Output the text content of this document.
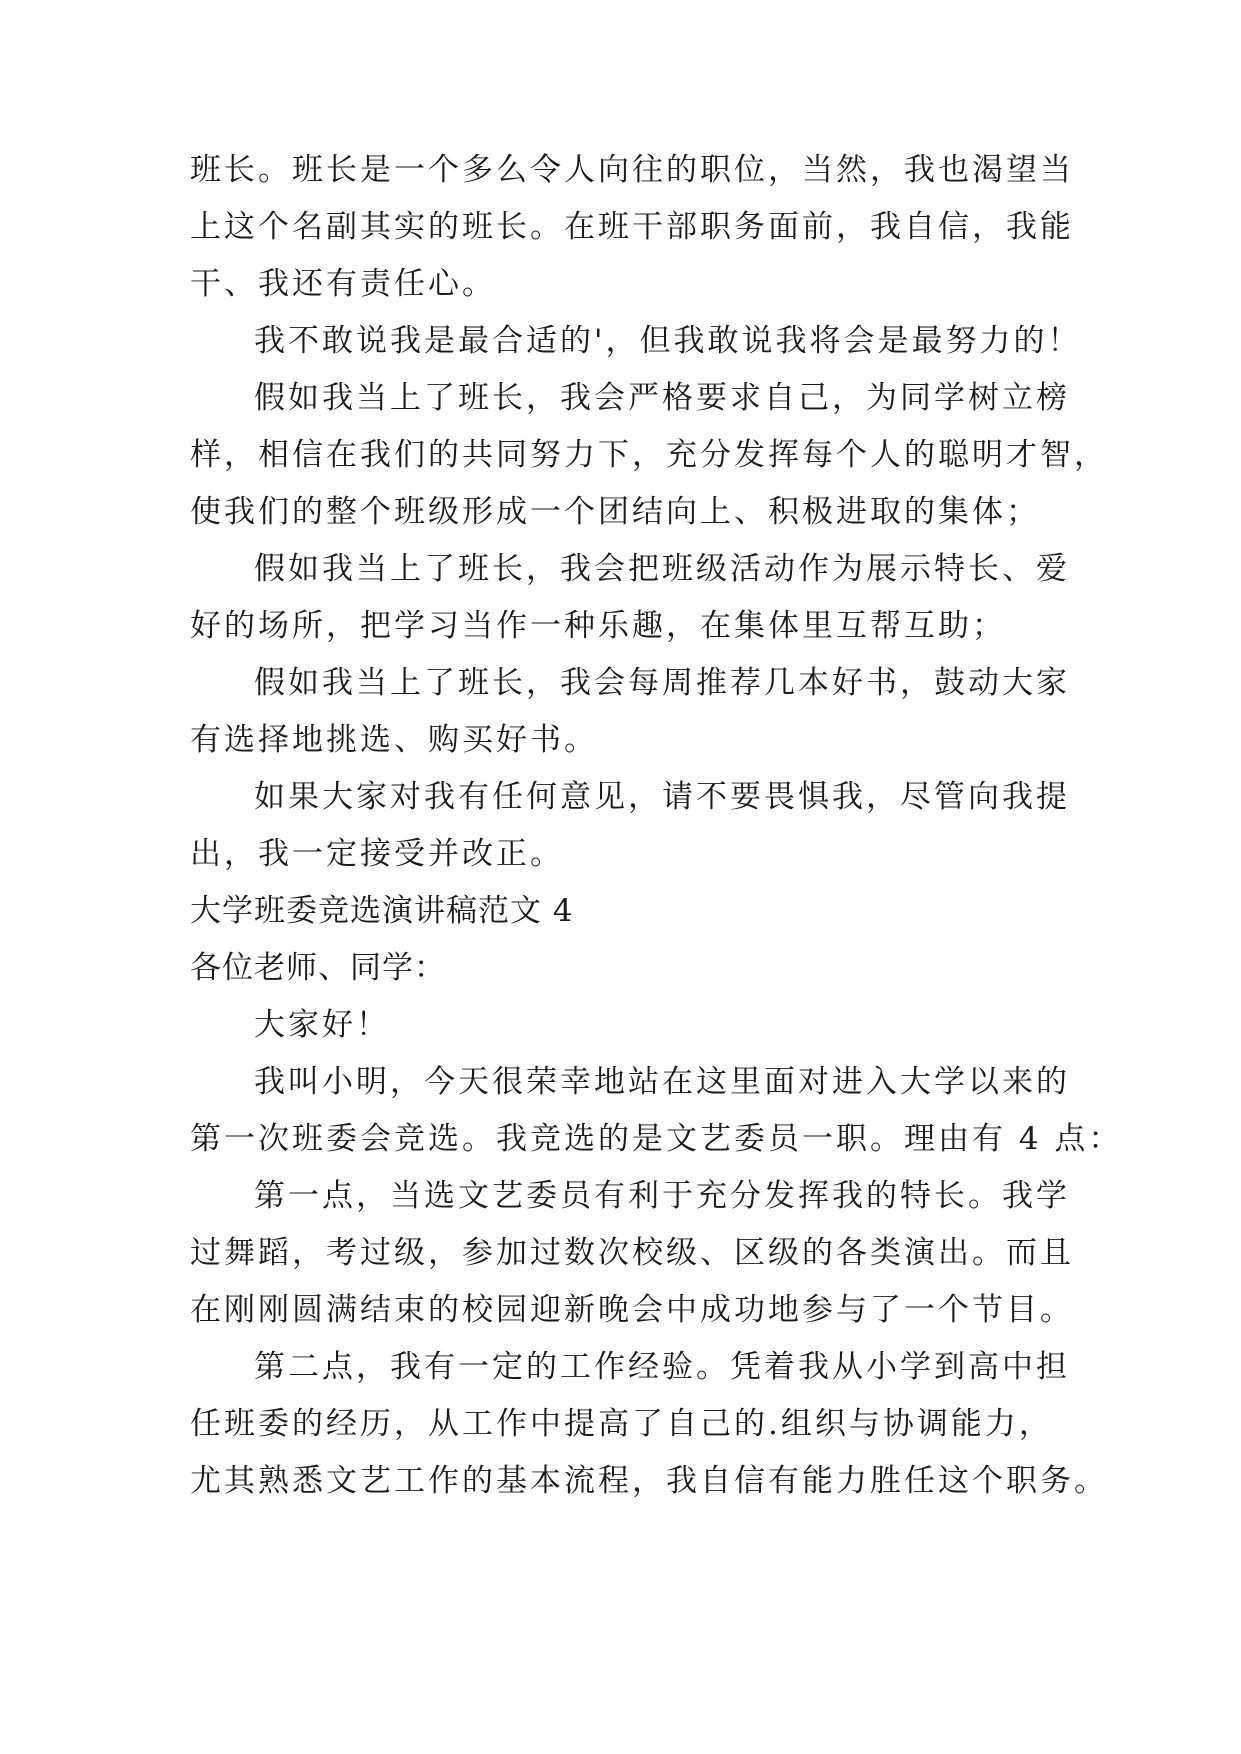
班长。班长是一个多么令人向往的职位，当然，我也渴望当
上这个名副其实的班长。在班干部职务面前，我自信，我能
干、我还有责任心。
我不敢说我是最合适的'，但我敢说我将会是最努力的！
假如我当上了班长，我会严格要求自己，为同学树立榜
样，相信在我们的共同努力下，充分发挥每个人的聪明才智，
使我们的整个班级形成一个团结向上、积极进取的集体；
假如我当上了班长，我会把班级活动作为展示特长、爱
好的场所，把学习当作一种乐趣，在集体里互帮互助；
假如我当上了班长，我会每周推荐几本好书，鼓动大家
有选择地挑选、购买好书。
如果大家对我有任何意见，请不要畏惧我，尽管向我提
出，我一定接受并改正。
大学班委竞选演讲稿范文 4
各位老师、同学：
大家好！
我叫小明，今天很荣幸地站在这里面对进入大学以来的
第一次班委会竞选。我竞选的是文艺委员一职。理由有 4 点：
第一点，当选文艺委员有利于充分发挥我的特长。我学
过舞蹈，考过级，参加过数次校级、区级的各类演出。而且
在刚刚圆满结束的校园迎新晚会中成功地参与了一个节目。
第二点，我有一定的工作经验。凭着我从小学到高中担
任班委的经历，从工作中提高了自己的.组织与协调能力，
尤其熟悉文艺工作的基本流程，我自信有能力胜任这个职务。
